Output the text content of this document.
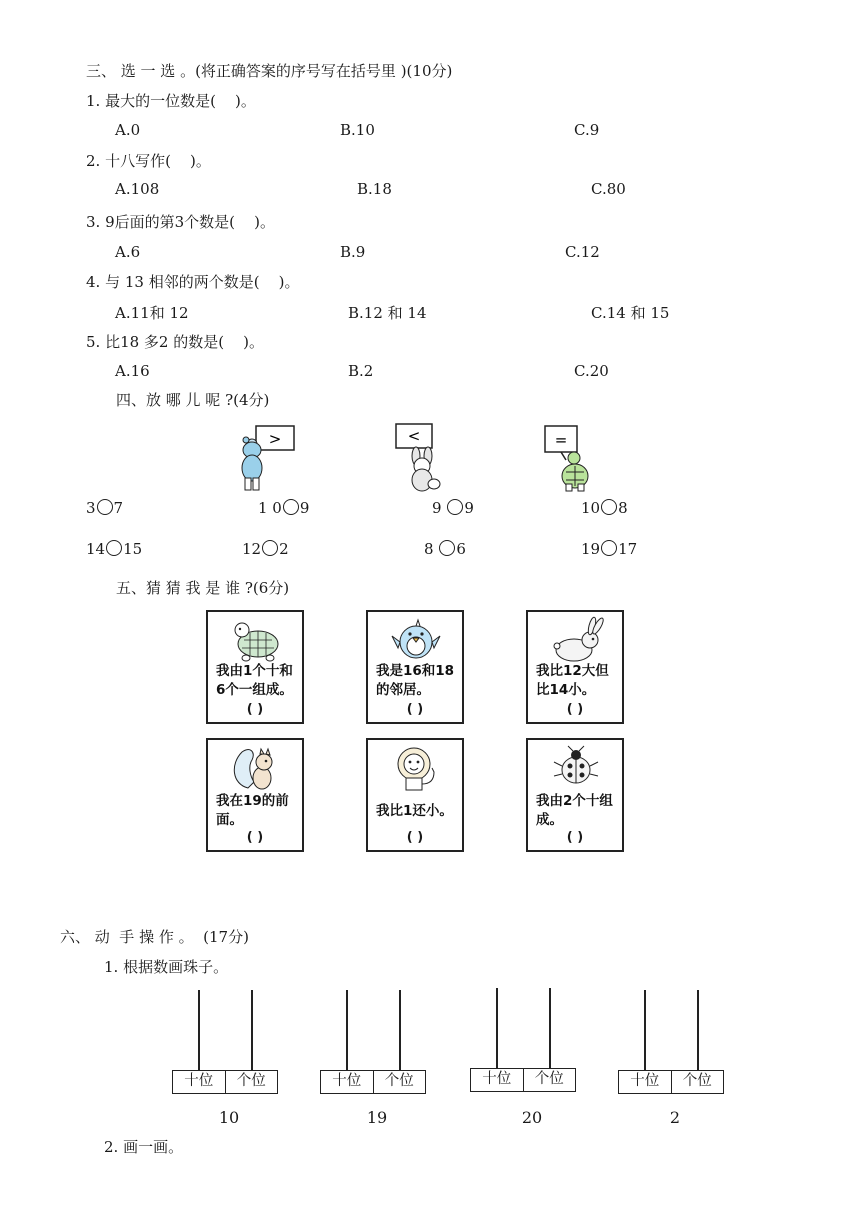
三、 选 一 选 。(将正确答案的序号写在括号里 )(10分)
1. 最大的一位数是(    )。
A.0	B.10	C.9
2. 十八写作(    )。
A.108	B.18	C.80
3. 9后面的第3个数是(    )。
A.6	B.9	C.12
4. 与 13 相邻的两个数是(    )。
A.11和 12	B.12 和 14	C.14 和 15
5. 比18 多2 的数是(    )。
A.16	B.2	C.20
四、放 哪 儿 呢 ?(4分)
>	<	=
3 7	1 0 9	9 9	10 8
14 15	12 2	8 6	19 17
五、猜 猜 我 是 谁 ?(6分)
我由1个十和6个一组成。
( )
我是16和18的邻居。
( )
我比12大但比14小。
( )
我在19的前面。
( )
我比1还小。
( )
我由2个十组成。
( )
六、 动  手 操 作 。  (17分)
1. 根据数画珠子。
十位	个位
10
十位	个位
19
十位	个位
20
十位	个位
2
2. 画一画。
